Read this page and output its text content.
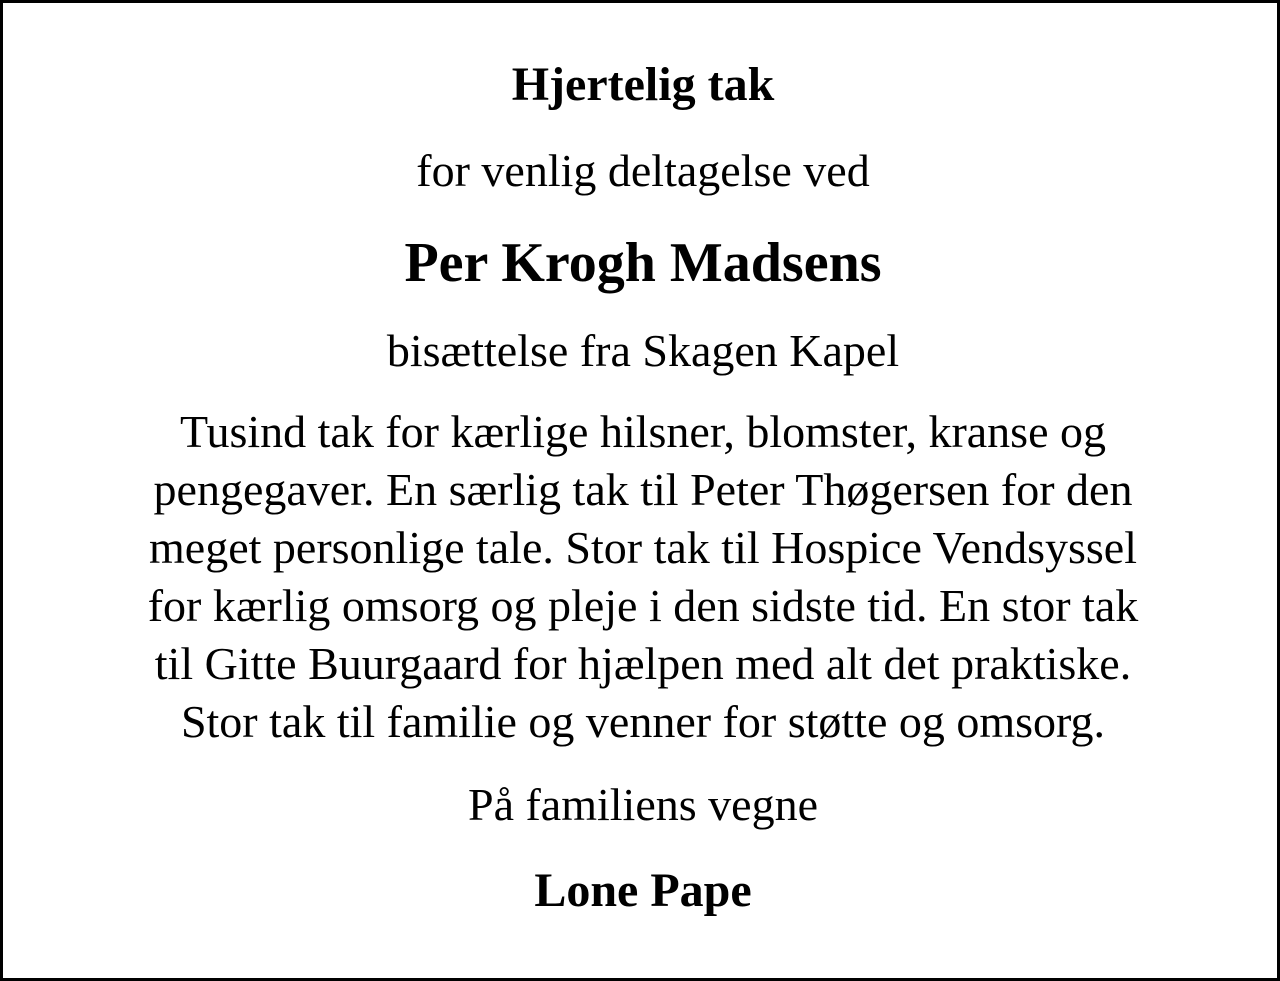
Hjertelig tak

for venlig deltagelse ved

Per Krogh Madsens

bisættelse fra Skagen Kapel

Tusind tak for kærlige hilsner, blomster, kranse og
pengegaver. En særlig tak til Peter Thøgersen for den
meget personlige tale. Stor tak til Hospice Vendsyssel
for kærlig omsorg og pleje i den sidste tid. En stor tak
til Gitte Buurgaard for hjælpen med alt det praktiske.
Stor tak til familie og venner for støtte og omsorg.

På familiens vegne

Lone Pape
